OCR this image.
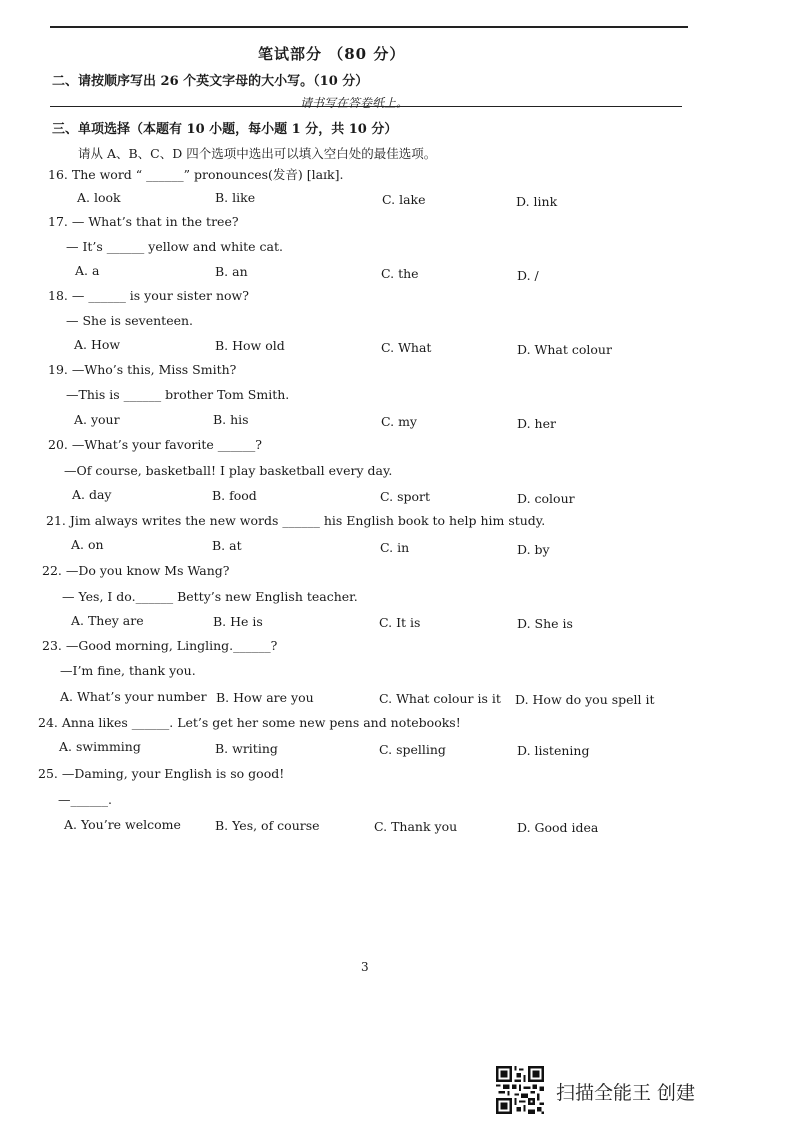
笔试部分 （80 分）
二、请按顺序写出 26 个英文字母的大小写。（10 分）
请书写在答卷纸上。
三、单项选择（本题有 10 小题，每小题 1 分，共 10 分）
请从 A、B、C、D 四个选项中选出可以填入空白处的最佳选项。
16. The word “ ______” pronounces(发音) [laɪk].
A. look	B. like	C. lake	D. link
17. — What’s that in the tree?
— It’s ______ yellow and white cat.
A. a	B. an	C. the	D. /
18. — ______ is your sister now?
— She is seventeen.
A. How	B. How old	C. What	D. What colour
19. —Who’s this, Miss Smith?
—This is ______ brother Tom Smith.
A. your	B. his	C. my	D. her
20. —What’s your favorite ______?
—Of course, basketball! I play basketball every day.
A. day	B. food	C. sport	D. colour
21. Jim always writes the new words ______ his English book to help him study.
A. on	B. at	C. in	D. by
22. —Do you know Ms Wang?
— Yes, I do.______ Betty’s new English teacher.
A. They are	B. He is	C. It is	D. She is
23. —Good morning, Lingling.______?
—I’m fine, thank you.
A. What’s your number B. How are you	C. What colour is it D. How do you spell it
24. Anna likes ______. Let’s get her some new pens and notebooks!
A. swimming	B. writing	C. spelling	D. listening
25. —Daming, your English is so good!
—______.
A. You’re welcome	B. Yes, of course	C. Thank you	D. Good idea
3
扫描全能王 创建
